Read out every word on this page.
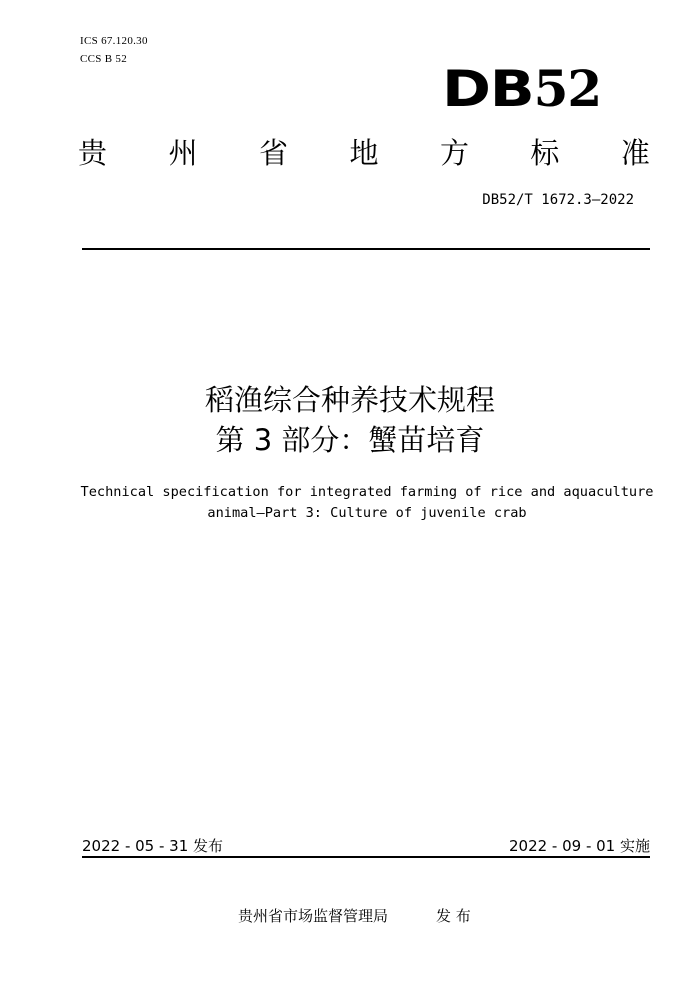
ICS 67.120.30
CCS B 52
DB52
贵 州 省 地 方 标 准
DB52/T 1672.3—2022
稻渔综合种养技术规程
第 3 部分：蟹苗培育
Technical specification for integrated farming of rice and aquaculture
animal—Part 3: Culture of juvenile crab
2022 - 05 - 31 发布	2022 - 09 - 01 实施
贵州省市场监督管理局	发 布
